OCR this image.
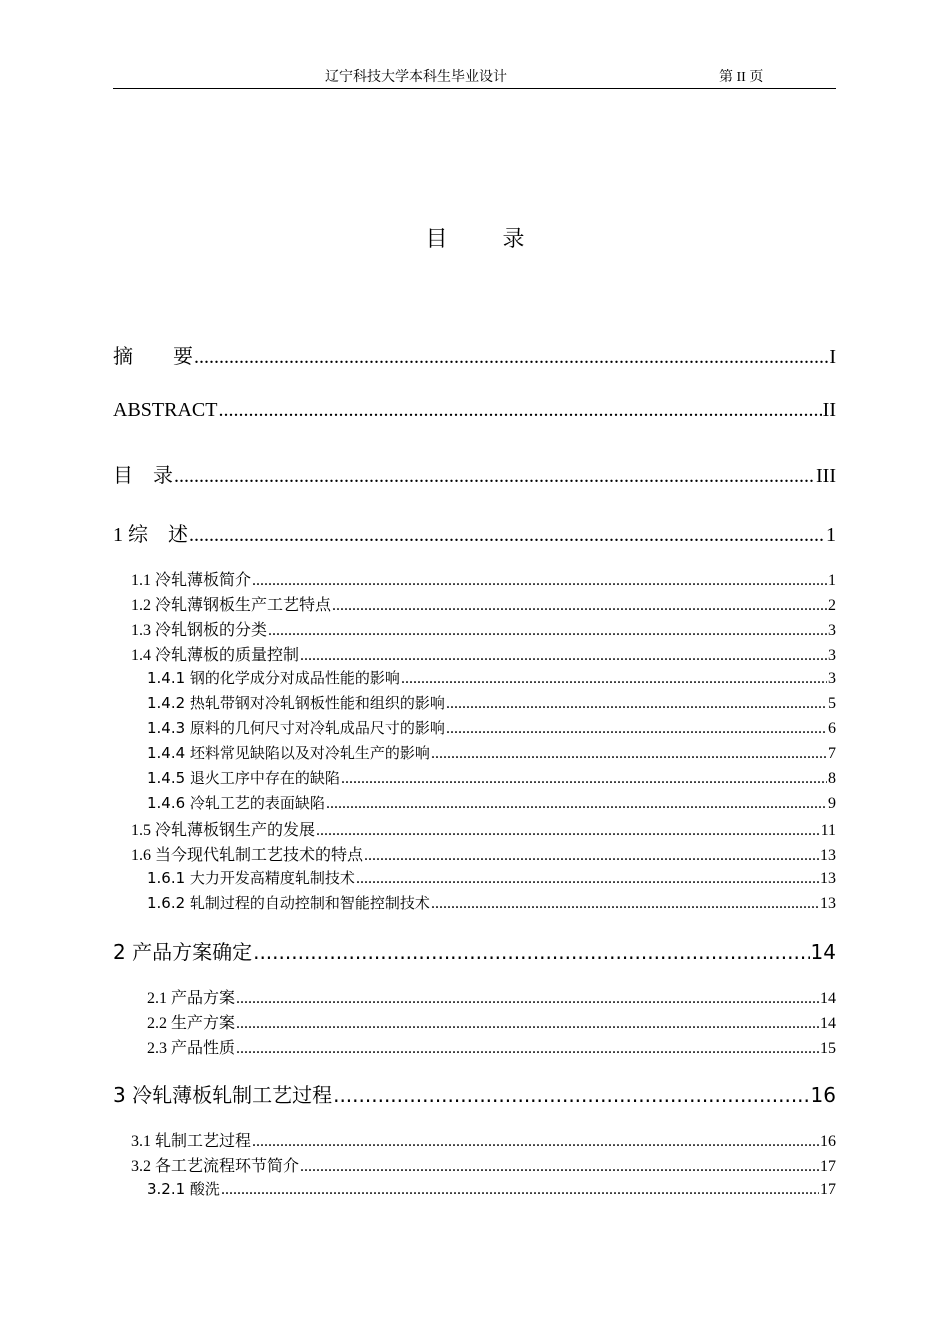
辽宁科技大学本科生毕业设计	第 II 页
目	录
摘　　要 .....	I
ABSTRACT .....	II
目　录 .....	III
1 综　述 .....	1
1.1 冷轧薄板简介 .....	1
1.2 冷轧薄钢板生产工艺特点 .....	2
1.3 冷轧钢板的分类 .....	3
1.4 冷轧薄板的质量控制 .....	3
1.4.1 钢的化学成分对成品性能的影响 .....	3
1.4.2 热轧带钢对冷轧钢板性能和组织的影响 .....	5
1.4.3 原料的几何尺寸对冷轧成品尺寸的影响 .....	6
1.4.4 坯料常见缺陷以及对冷轧生产的影响 .....	7
1.4.5 退火工序中存在的缺陷 .....	8
1.4.6 冷轧工艺的表面缺陷 .....	9
1.5 冷轧薄板钢生产的发展 .....	11
1.6 当今现代轧制工艺技术的特点 .....	13
1.6.1 大力开发高精度轧制技术 .....	13
1.6.2 轧制过程的自动控制和智能控制技术 .....	13
2 产品方案确定 .....	14
2.1 产品方案 .....	14
2.2 生产方案 .....	14
2.3 产品性质 .....	15
3 冷轧薄板轧制工艺过程 .....	16
3.1 轧制工艺过程 .....	16
3.2 各工艺流程环节简介 .....	17
3.2.1 酸洗 .....	17
